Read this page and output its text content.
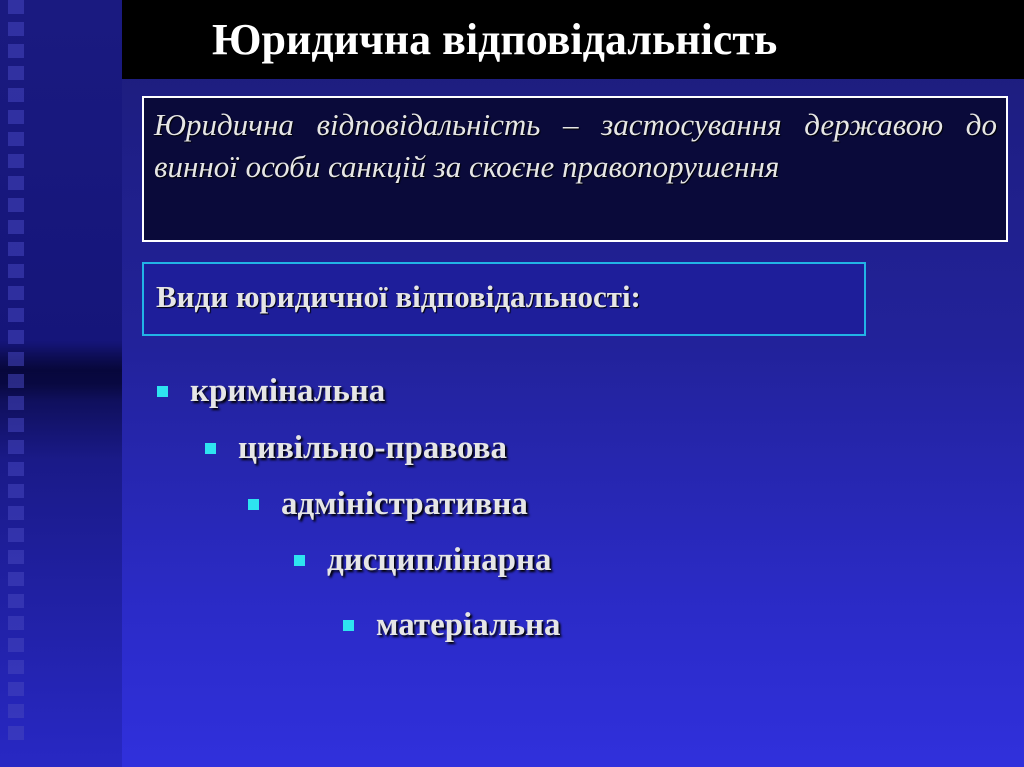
Юридична відповідальність

Юридична відповідальність – застосування державою до винної особи санкцій за скоєне правопорушення

Види юридичної відповідальності:

кримінальна
цивільно-правова
адміністративна
дисциплінарна
матеріальна
